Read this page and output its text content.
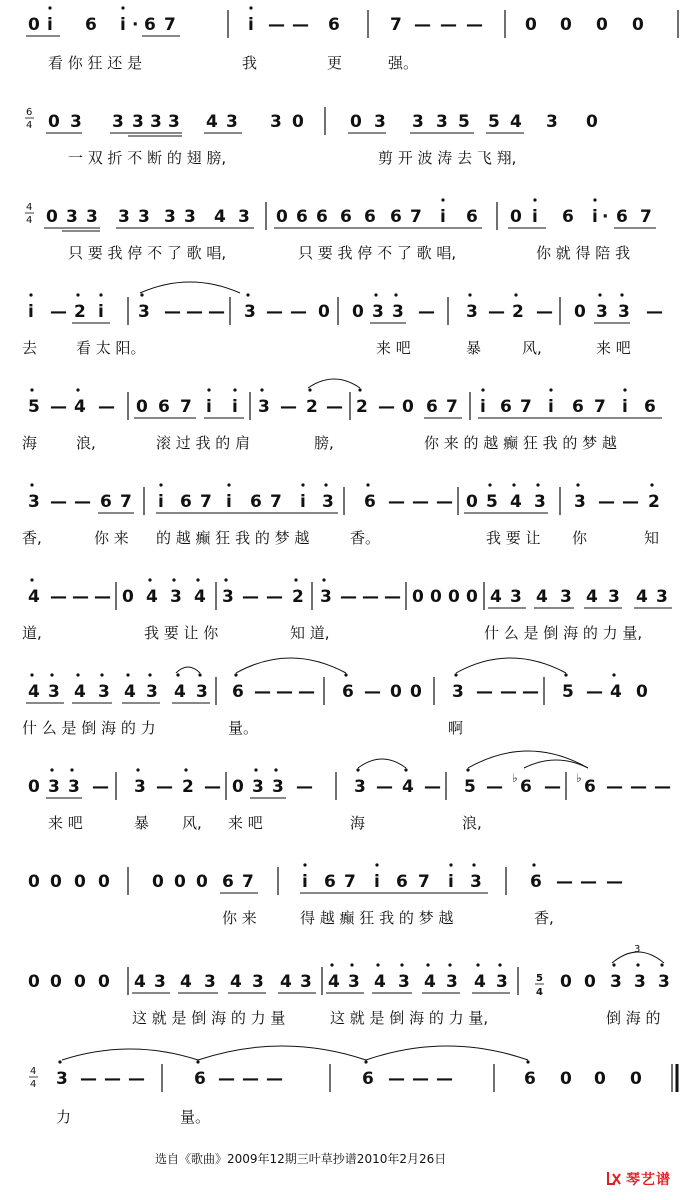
0 i 6 i · 6 7	i — — 6	7 — — — 0 0 0 0
看 你 狂 还 是	我	更	强。
6
4 0 3 3 3 3 3 4 3 3 0	0 3 3 3 5 5 4 3 0
一 双 折 不 断 的 翅 膀,	剪 开 波 涛 去 飞 翔,
4
4 0 3 3 3 3 3 3 4 3 0 6 6 6 6 6 7 i 6 0 i 6 i · 6 7
只 要 我 停 不 了 歌 唱,	只 要 我 停 不 了 歌 唱,	你 就 得 陪 我
i — 2 i 3 — — — 3 — — 0 0 3 3 — 3 — 2 — 0 3 3 —
去	看 太 阳。	来 吧	暴	风,	来 吧
5 — 4 — 0 6 7 i i 3 — 2 — 2 — 0 6 7 i 6 7 i 6 7 i 6
海	浪,	滚 过 我 的 肩	膀,	你 来 的 越 癫 狂 我 的 梦 越
3 — — 6 7 i 6 7 i 6 7 i 3 6 — — — 0 5 4 3 3 — — 2
香,	你 来 的 越 癫 狂 我 的 梦 越	香。	我 要 让 你	知
4 — — — 0 4 3 4 3 — — 2 3 — — — 0 0 0 0 4 3 4 3 4 3 4 3
道,	我 要 让 你	知 道,	什 么 是 倒 海 的 力 量,
4 3 4 3 4 3 4 3 6 — — — 6 — 0 0 3 — — — 5 — 4 0
什 么 是 倒 海 的 力	量。	啊
0 3 3 — 3 — 2 — 0 3 3 — 3 — 4 — 5 — ♭ 6 — ♭ 6 — — —
来 吧	暴 风, 来 吧	海	浪,
0 0 0 0 0 0 0 6 7	i 6 7 i 6 7 i 3	6 — — —
你 来	得 越 癫 狂 我 的 梦 越	香,
0 0 0 0 4 3 4 3 4 3 4 3 4 3 4 3 4 3 4 3	5
4
0 0 3 3 3
3
这 就 是 倒 海 的 力 量	这 就 是 倒 海 的 力 量,	倒 海 的
4
4 3 — — —	6 — — —	6 — — —	6 0 0 0
力	量。
选自《歌曲》2009年12期三叶草抄谱2010年2月26日
琴艺谱
